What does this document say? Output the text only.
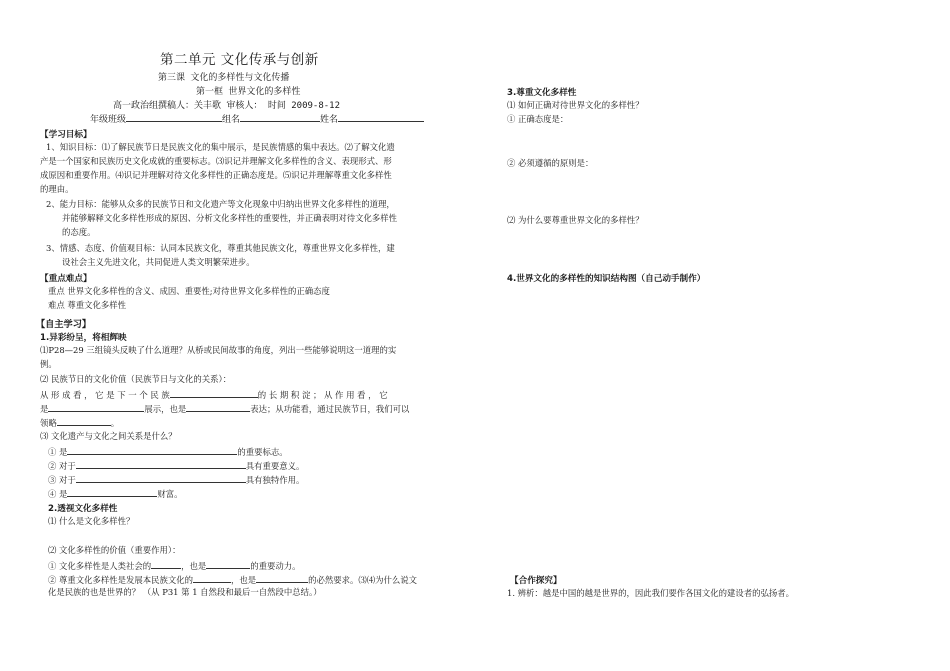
第二单元 文化传承与创新
第三课 文化的多样性与文化传播
第一框 世界文化的多样性
高一政治组撰稿人：关丰歌 审核人： 时间 2009-8-12
年级班级	组名	姓名
【学习目标】
1、知识目标：⑴了解民族节日是民族文化的集中展示，是民族情感的集中表达。⑵了解文化遗
产是一个国家和民族历史文化成就的重要标志。⑶识记并理解文化多样性的含义、表现形式、形
成原因和重要作用。⑷识记并理解对待文化多样性的正确态度是。⑸识记并理解尊重文化多样性
的理由。
2、能力目标：能够从众多的民族节日和文化遗产等文化现象中归纳出世界文化多样性的道理，
并能够解释文化多样性形成的原因、分析文化多样性的重要性，并正确表明对待文化多样性
的态度。
3、情感、态度、价值观目标：认同本民族文化，尊重其他民族文化，尊重世界文化多样性，建
设社会主义先进文化，共同促进人类文明繁荣进步。
【重点难点】
重点 世界文化多样性的含义、成因、重要性;对待世界文化多样性的正确态度
难点 尊重文化多样性
【自主学习】
1.异彩纷呈，将相辉映
⑴P28—29 三组镜头反映了什么道理？从桥或民间故事的角度，列出一些能够说明这一道理的实
例。
⑵ 民族节日的文化价值（民族节日与文化的关系）：
从 形 成 看 ， 它 是 下 一 个 民 族	的 长 期 积 淀 ； 从 作 用 看 ， 它
是	展示，也是	表达；从功能看，通过民族节日，我们可以
领略	。
⑶ 文化遗产与文化之间关系是什么？
① 是	的重要标志。
② 对于	具有重要意义。
③ 对于	具有独特作用。
④ 是	财富。
2.透视文化多样性
⑴ 什么是文化多样性？
⑵ 文化多样性的价值（重要作用）：
① 文化多样性是人类社会的	，也是	的重要动力。
② 尊重文化多样性是发展本民族文化的	，也是	的必然要求。⑶⑷为什么说文
化是民族的也是世界的？ （从 P31 第 1 自然段和最后一自然段中总结。）
3.尊重文化多样性
⑴ 如何正确对待世界文化的多样性？
① 正确态度是：
② 必须遵循的原则是：
⑵ 为什么要尊重世界文化的多样性？
4.世界文化的多样性的知识结构图（自己动手制作）
【合作探究】
1. 辨析：越是中国的越是世界的，因此我们要作各国文化的建设者的弘扬者。
